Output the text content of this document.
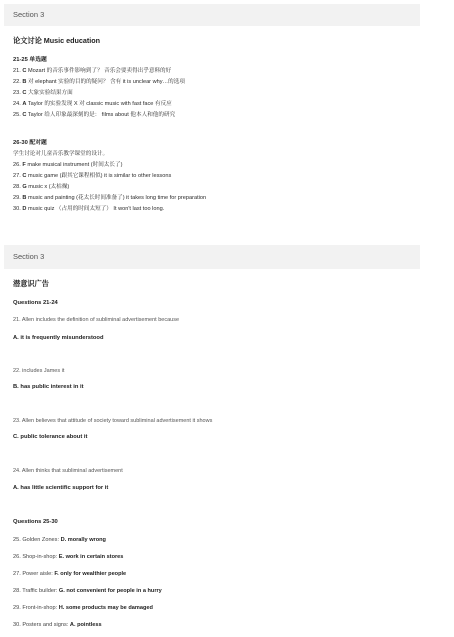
Section 3
论文讨论 Music education
21-25 单选题
21. C Mozart 的音乐事件影响到了？ 音乐会要卖得出乎意料的好
22. B 对 elephant 实验的目的的疑问？ 含有 it is unclear why…的选项
23. C 大象实验结果方面
24. A Taylor 的实验发现 X 对 classic music with fast face 有反应
25. C Taylor 给人印象最深刻的是： films about 他本人和他的研究
26-30 配对题
学生讨论对儿童音乐教学课堂的设计。
26. F make musical instrument (时间太长了)
27. C music game (跟其它课程相似) it is similar to other lessons
28. G music x (太枯燥)
29. B music and painting (花太长时间准备了) it takes long time for preparation
30. D music quiz （占用的时间太短了） It won't last too long.
Section 3
潜意识广告
Questions 21-24
21. Allen includes the definition of subliminal advertisement because
A. it is frequently misunderstood
22. includes James it
B. has public interest in it
23. Allen believes that attitude of society toward subliminal advertisement it shows
C. public tolerance about it
24. Allen thinks that subliminal advertisement
A. has little scientific support for it
Questions 25-30
25. Golden Zones: D. morally wrong
26. Shop-in-shop: E. work in certain stores
27. Power aisle: F. only for wealthier people
28. Traffic builder: G. not convenient for people in a hurry
29. Front-in-shop: H. some products may be damaged
30. Posters and signs: A. pointless
